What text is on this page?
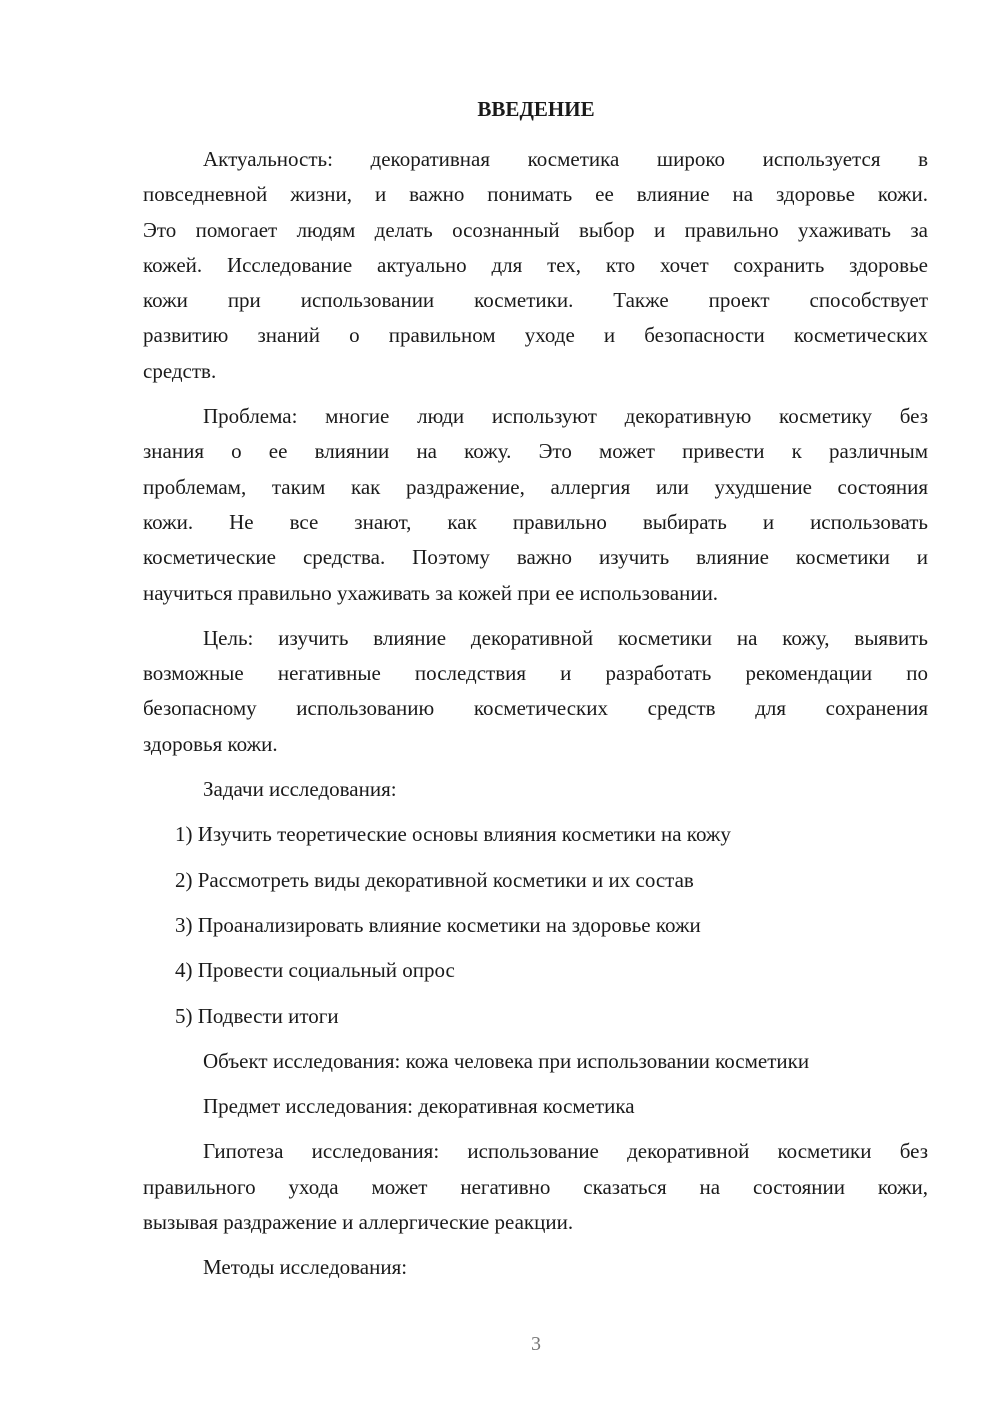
ВВЕДЕНИЕ
Актуальность: декоративная косметика широко используется в
повседневной жизни, и важно понимать ее влияние на здоровье кожи.
Это помогает людям делать осознанный выбор и правильно ухаживать за
кожей. Исследование актуально для тех, кто хочет сохранить здоровье
кожи при использовании косметики. Также проект способствует
развитию знаний о правильном уходе и безопасности косметических
средств.
Проблема: многие люди используют декоративную косметику без
знания о ее влиянии на кожу. Это может привести к различным
проблемам, таким как раздражение, аллергия или ухудшение состояния
кожи. Не все знают, как правильно выбирать и использовать
косметические средства. Поэтому важно изучить влияние косметики и
научиться правильно ухаживать за кожей при ее использовании.
Цель: изучить влияние декоративной косметики на кожу, выявить
возможные негативные последствия и разработать рекомендации по
безопасному использованию косметических средств для сохранения
здоровья кожи.
Задачи исследования:
1) Изучить теоретические основы влияния косметики на кожу
2) Рассмотреть виды декоративной косметики и их состав
3) Проанализировать влияние косметики на здоровье кожи
4) Провести социальный опрос
5) Подвести итоги
Объект исследования: кожа человека при использовании косметики
Предмет исследования: декоративная косметика
Гипотеза исследования: использование декоративной косметики без
правильного ухода может негативно сказаться на состоянии кожи,
вызывая раздражение и аллергические реакции.
Методы исследования:
3
